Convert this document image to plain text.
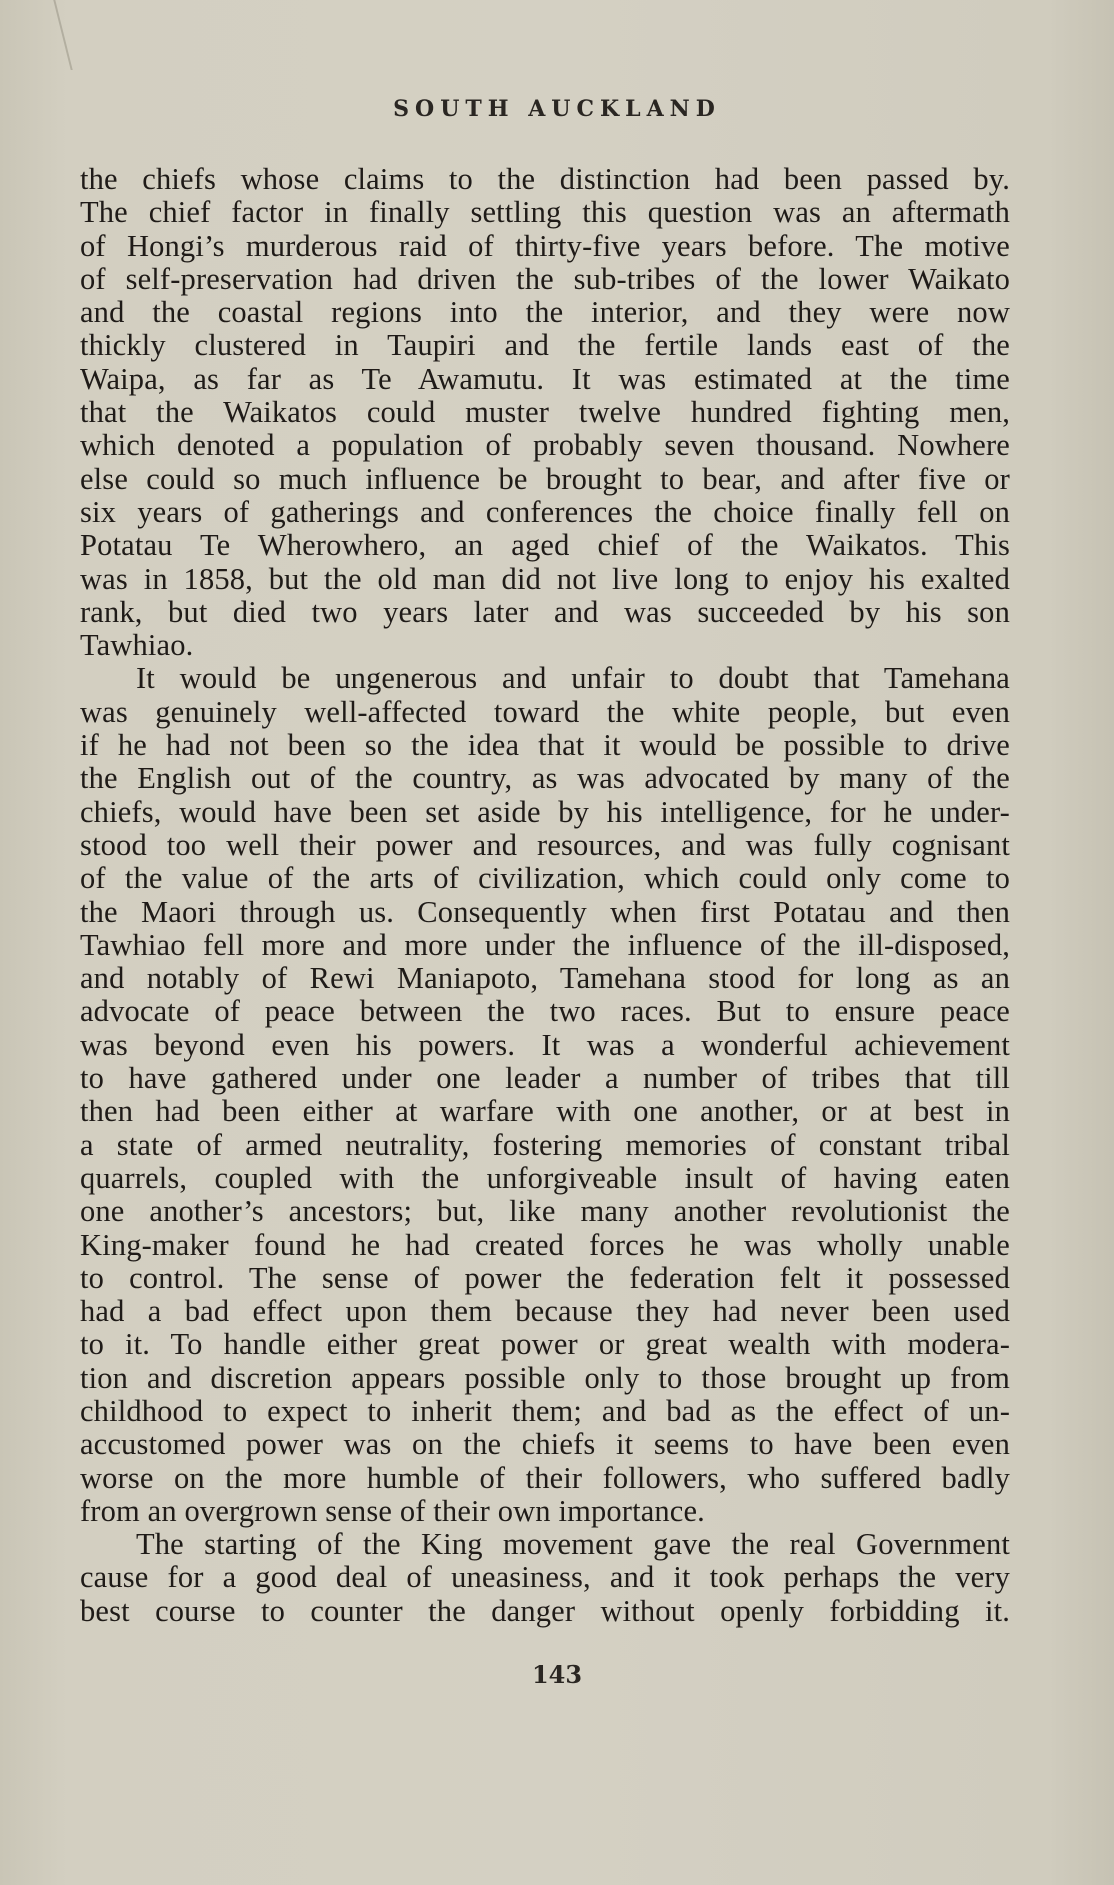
SOUTH AUCKLAND

the chiefs whose claims to the distinction had been passed by.
The chief factor in finally settling this question was an aftermath
of Hongi’s murderous raid of thirty-five years before. The motive
of self-preservation had driven the sub-tribes of the lower Waikato
and the coastal regions into the interior, and they were now
thickly clustered in Taupiri and the fertile lands east of the
Waipa, as far as Te Awamutu. It was estimated at the time
that the Waikatos could muster twelve hundred fighting men,
which denoted a population of probably seven thousand. Nowhere
else could so much influence be brought to bear, and after five or
six years of gatherings and conferences the choice finally fell on
Potatau Te Wherowhero, an aged chief of the Waikatos. This
was in 1858, but the old man did not live long to enjoy his exalted
rank, but died two years later and was succeeded by his son
Tawhiao.

It would be ungenerous and unfair to doubt that Tamehana
was genuinely well-affected toward the white people, but even
if he had not been so the idea that it would be possible to drive
the English out of the country, as was advocated by many of the
chiefs, would have been set aside by his intelligence, for he under-
stood too well their power and resources, and was fully cognisant
of the value of the arts of civilization, which could only come to
the Maori through us. Consequently when first Potatau and then
Tawhiao fell more and more under the influence of the ill-disposed,
and notably of Rewi Maniapoto, Tamehana stood for long as an
advocate of peace between the two races. But to ensure peace
was beyond even his powers. It was a wonderful achievement
to have gathered under one leader a number of tribes that till
then had been either at warfare with one another, or at best in
a state of armed neutrality, fostering memories of constant tribal
quarrels, coupled with the unforgiveable insult of having eaten
one another’s ancestors; but, like many another revolutionist the
King-maker found he had created forces he was wholly unable
to control. The sense of power the federation felt it possessed
had a bad effect upon them because they had never been used
to it. To handle either great power or great wealth with modera-
tion and discretion appears possible only to those brought up from
childhood to expect to inherit them; and bad as the effect of un-
accustomed power was on the chiefs it seems to have been even
worse on the more humble of their followers, who suffered badly
from an overgrown sense of their own importance.

The starting of the King movement gave the real Government
cause for a good deal of uneasiness, and it took perhaps the very
best course to counter the danger without openly forbidding it.

143
